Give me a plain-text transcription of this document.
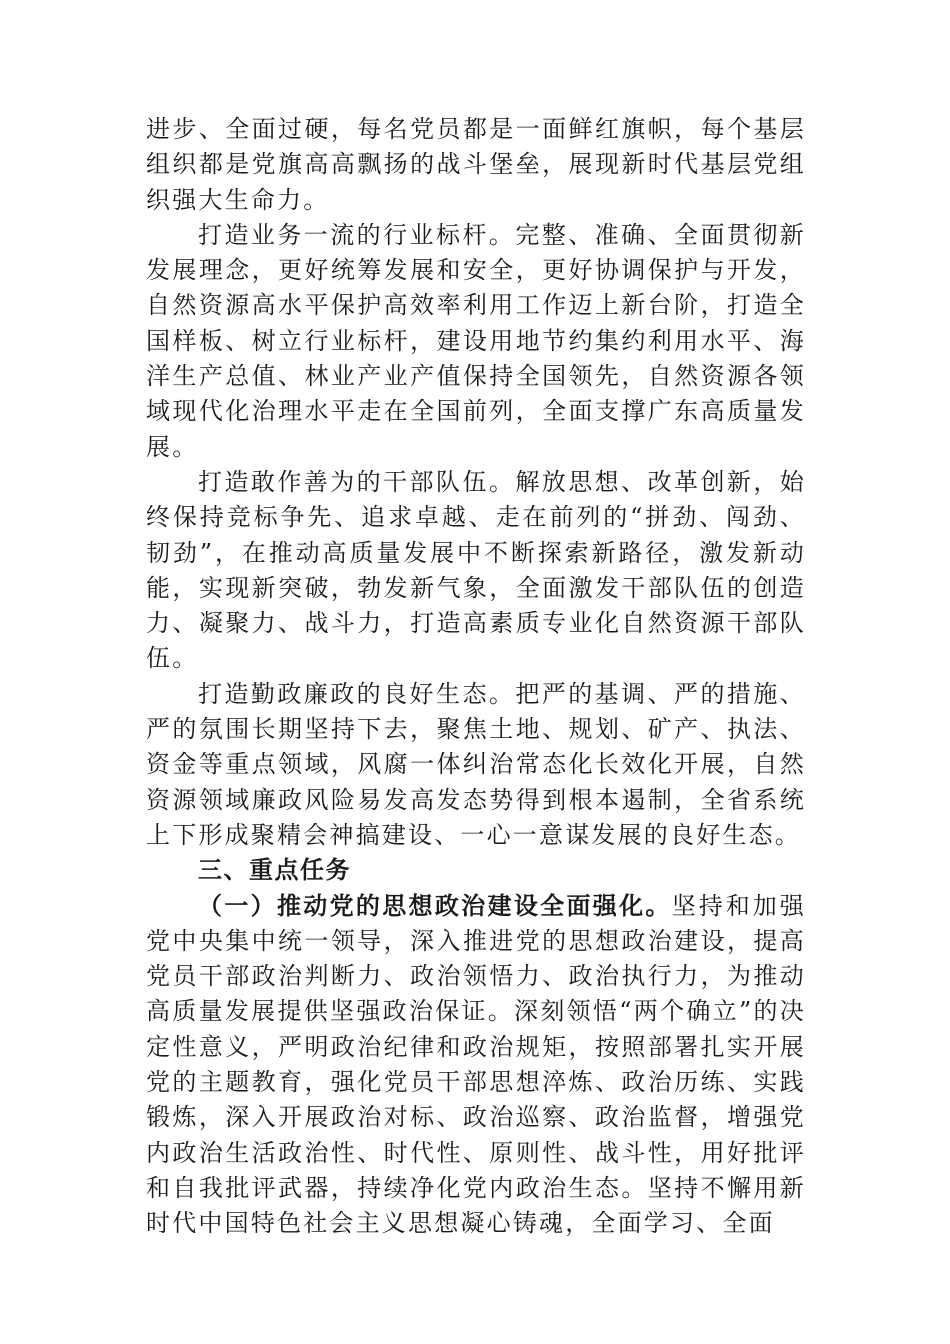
进步、全面过硬，每名党员都是一面鲜红旗帜，每个基层组织都是党旗高高飘扬的战斗堡垒，展现新时代基层党组织强大生命力。

打造业务一流的行业标杆。完整、准确、全面贯彻新发展理念，更好统筹发展和安全，更好协调保护与开发，自然资源高水平保护高效率利用工作迈上新台阶，打造全国样板、树立行业标杆，建设用地节约集约利用水平、海洋生产总值、林业产业产值保持全国领先，自然资源各领域现代化治理水平走在全国前列，全面支撑广东高质量发展。

打造敢作善为的干部队伍。解放思想、改革创新，始终保持竞标争先、追求卓越、走在前列的“拼劲、闯劲、韧劲”，在推动高质量发展中不断探索新路径，激发新动能，实现新突破，勃发新气象，全面激发干部队伍的创造力、凝聚力、战斗力，打造高素质专业化自然资源干部队伍。

打造勤政廉政的良好生态。把严的基调、严的措施、严的氛围长期坚持下去，聚焦土地、规划、矿产、执法、资金等重点领域，风腐一体纠治常态化长效化开展，自然资源领域廉政风险易发高发态势得到根本遏制，全省系统上下形成聚精会神搞建设、一心一意谋发展的良好生态。

三、重点任务

（一）推动党的思想政治建设全面强化。坚持和加强党中央集中统一领导，深入推进党的思想政治建设，提高党员干部政治判断力、政治领悟力、政治执行力，为推动高质量发展提供坚强政治保证。深刻领悟“两个确立”的决定性意义，严明政治纪律和政治规矩，按照部署扎实开展党的主题教育，强化党员干部思想淬炼、政治历练、实践锻炼，深入开展政治对标、政治巡察、政治监督，增强党内政治生活政治性、时代性、原则性、战斗性，用好批评和自我批评武器，持续净化党内政治生态。坚持不懈用新时代中国特色社会主义思想凝心铸魂，全面学习、全面
